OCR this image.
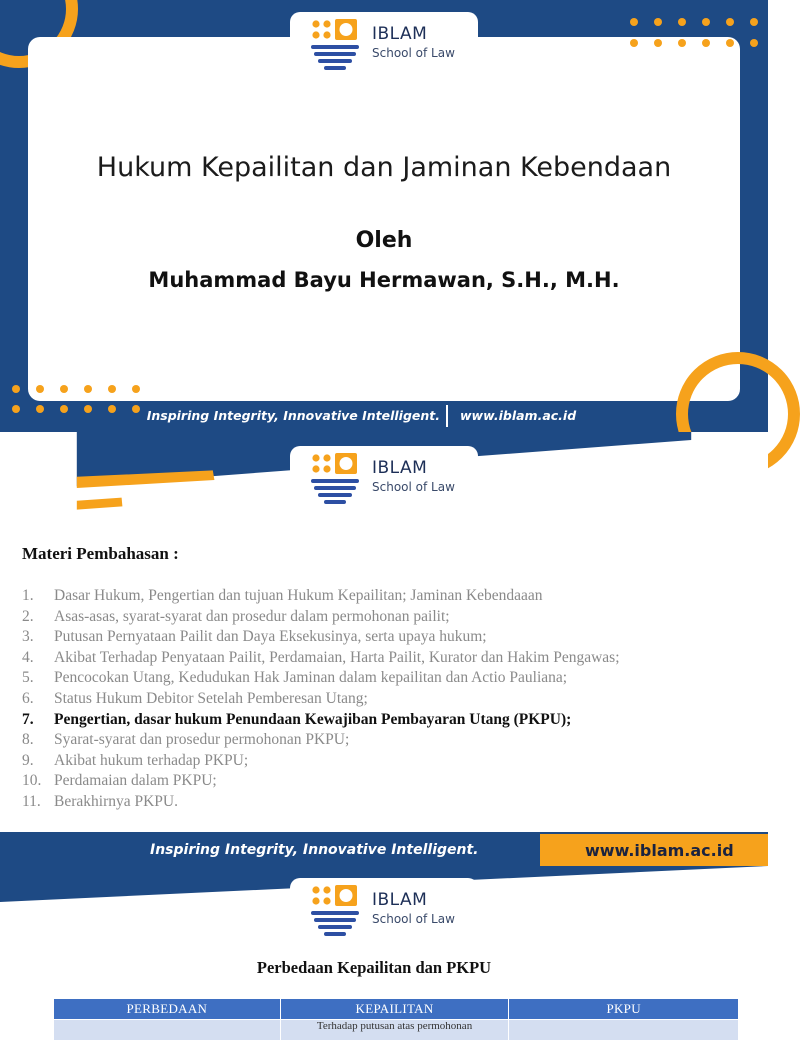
IBLAM
School of Law
Hukum Kepailitan dan Jaminan Kebendaan
Oleh
Muhammad Bayu Hermawan, S.H., M.H.
Inspiring Integrity, Innovative Intelligent. www.iblam.ac.id
IBLAM
School of Law
Materi Pembahasan :
1. Dasar Hukum, Pengertian dan tujuan Hukum Kepailitan; Jaminan Kebendaaan
2. Asas-asas, syarat-syarat dan prosedur dalam permohonan pailit;
3. Putusan Pernyataan Pailit dan Daya Eksekusinya, serta upaya hukum;
4. Akibat Terhadap Penyataan Pailit, Perdamaian, Harta Pailit, Kurator dan Hakim Pengawas;
5. Pencocokan Utang, Kedudukan Hak Jaminan dalam kepailitan dan Actio Pauliana;
6. Status Hukum Debitor Setelah Pemberesan Utang;
7. Pengertian, dasar hukum Penundaan Kewajiban Pembayaran Utang (PKPU);
8. Syarat-syarat dan prosedur permohonan PKPU;
9. Akibat hukum terhadap PKPU;
10. Perdamaian dalam PKPU;
11. Berakhirnya PKPU.
Inspiring Integrity, Innovative Intelligent.	www.iblam.ac.id
IBLAM
School of Law
Perbedaan Kepailitan dan PKPU
PERBEDAAN	KEPAILITAN	PKPU
	Terhadap putusan atas permohonan	
